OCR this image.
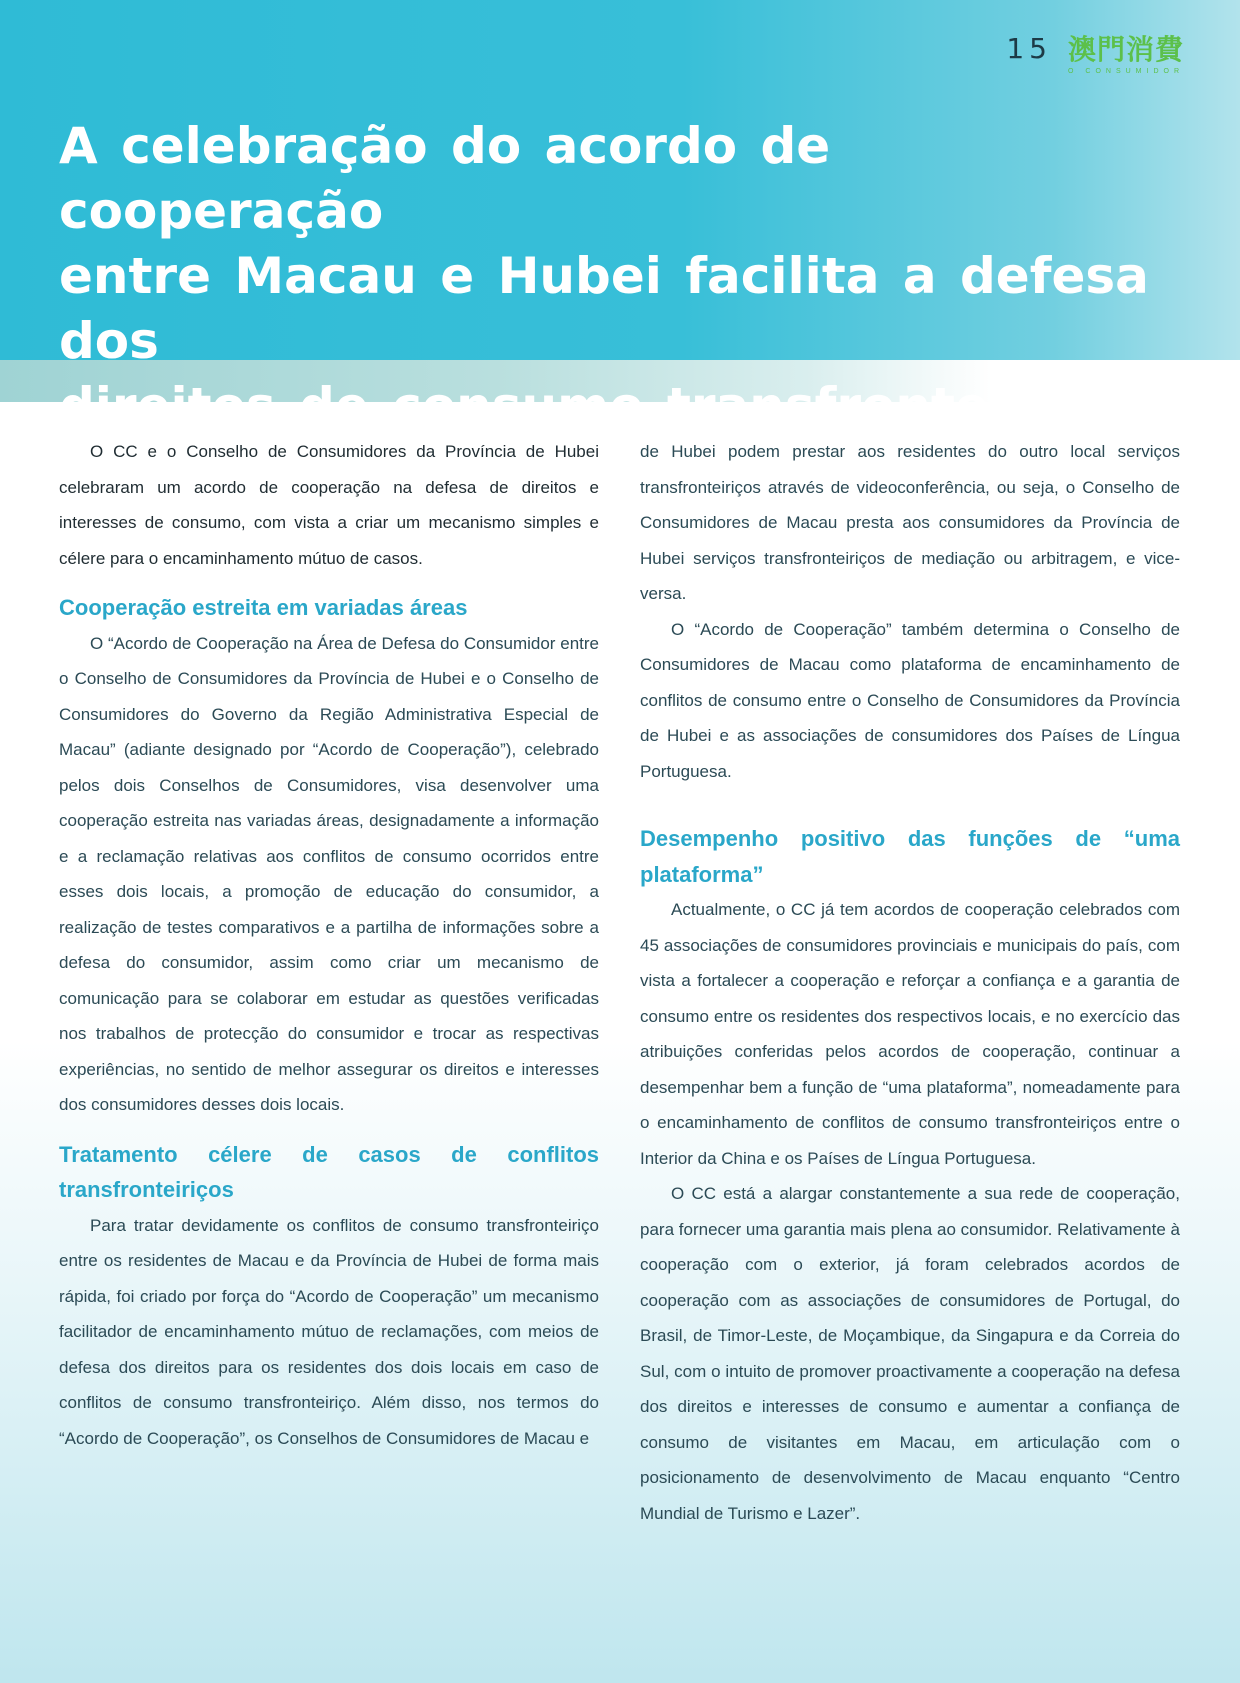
15 澳門消費
O CONSUMIDOR
A celebração do acordo de cooperação
entre Macau e Hubei facilita a defesa dos
direitos de consumo transfronteiriço

O CC e o Conselho de Consumidores da Província de Hubei celebraram um acordo de cooperação na defesa de direitos e interesses de consumo, com vista a criar um mecanismo simples e célere para o encaminhamento mútuo de casos.

Cooperação estreita em variadas áreas

O “Acordo de Cooperação na Área de Defesa do Consumidor entre o Conselho de Consumidores da Província de Hubei e o Conselho de Consumidores do Governo da Região Administrativa Especial de Macau” (adiante designado por “Acordo de Cooperação”), celebrado pelos dois Conselhos de Consumidores, visa desenvolver uma cooperação estreita nas variadas áreas, designadamente a informação e a reclamação relativas aos conflitos de consumo ocorridos entre esses dois locais, a promoção de educação do consumidor, a realização de testes comparativos e a partilha de informações sobre a defesa do consumidor, assim como criar um mecanismo de comunicação para se colaborar em estudar as questões verificadas nos trabalhos de protecção do consumidor e trocar as respectivas experiências, no sentido de melhor assegurar os direitos e interesses dos consumidores desses dois locais.

Tratamento célere de casos de conflitos transfronteiriços

Para tratar devidamente os conflitos de consumo transfronteiriço entre os residentes de Macau e da Província de Hubei de forma mais rápida, foi criado por força do “Acordo de Cooperação” um mecanismo facilitador de encaminhamento mútuo de reclamações, com meios de defesa dos direitos para os residentes dos dois locais em caso de conflitos de consumo transfronteiriço. Além disso, nos termos do “Acordo de Cooperação”, os Conselhos de Consumidores de Macau e

de Hubei podem prestar aos residentes do outro local serviços transfronteiriços através de videoconferência, ou seja, o Conselho de Consumidores de Macau presta aos consumidores da Província de Hubei serviços transfronteiriços de mediação ou arbitragem, e vice-versa.

O “Acordo de Cooperação” também determina o Conselho de Consumidores de Macau como plataforma de encaminhamento de conflitos de consumo entre o Conselho de Consumidores da Província de Hubei e as associações de consumidores dos Países de Língua Portuguesa.

Desempenho positivo das funções de “uma plataforma”

Actualmente, o CC já tem acordos de cooperação celebrados com 45 associações de consumidores provinciais e municipais do país, com vista a fortalecer a cooperação e reforçar a confiança e a garantia de consumo entre os residentes dos respectivos locais, e no exercício das atribuições conferidas pelos acordos de cooperação, continuar a desempenhar bem a função de “uma plataforma”, nomeadamente para o encaminhamento de conflitos de consumo transfronteiriços entre o Interior da China e os Países de Língua Portuguesa.

O CC está a alargar constantemente a sua rede de cooperação, para fornecer uma garantia mais plena ao consumidor. Relativamente à cooperação com o exterior, já foram celebrados acordos de cooperação com as associações de consumidores de Portugal, do Brasil, de Timor-Leste, de Moçambique, da Singapura e da Correia do Sul, com o intuito de promover proactivamente a cooperação na defesa dos direitos e interesses de consumo e aumentar a confiança de consumo de visitantes em Macau, em articulação com o posicionamento de desenvolvimento de Macau enquanto “Centro Mundial de Turismo e Lazer”.
